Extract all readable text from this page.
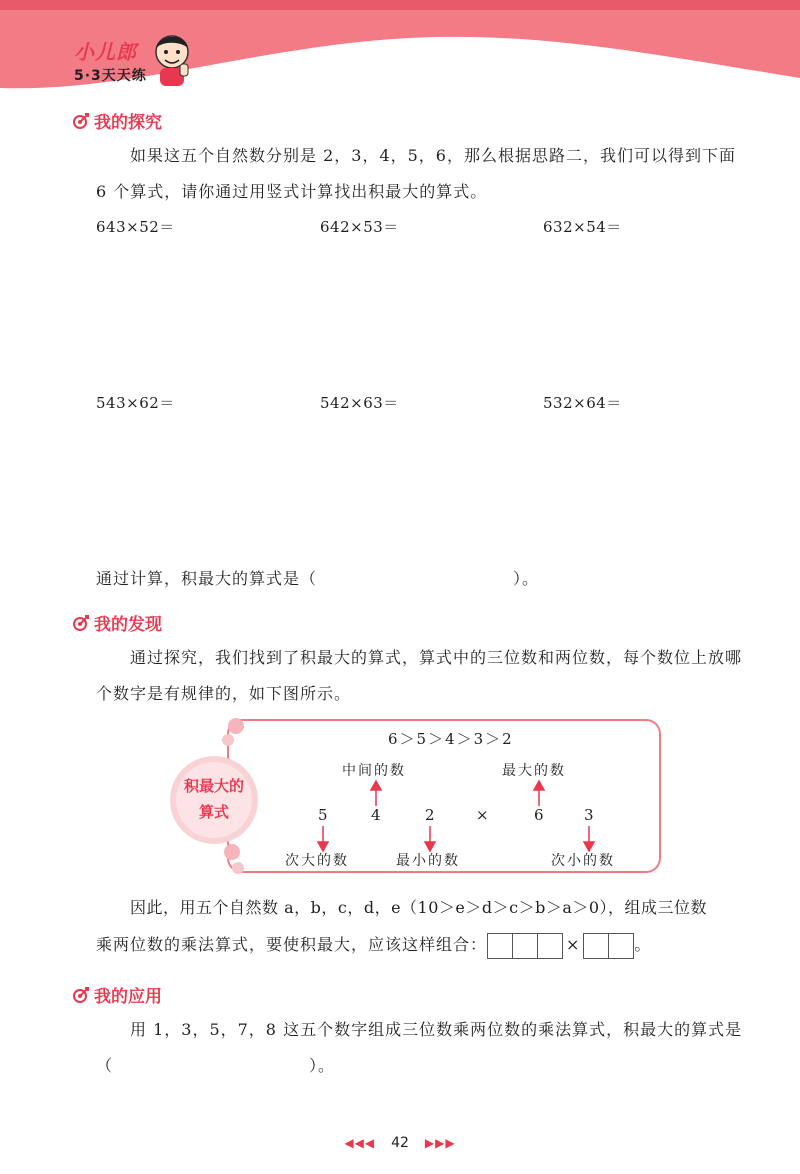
小儿郎
5·3天天练
我的探究
如果这五个自然数分别是 2，3，4，5，6，那么根据思路二，我们可以得到下面 6 个算式，请你通过用竖式计算找出积最大的算式。
643×52＝	642×53＝	632×54＝
543×62＝	542×63＝	532×64＝
通过计算，积最大的算式是（	）。
我的发现
通过探究，我们找到了积最大的算式，算式中的三位数和两位数，每个数位上放哪个数字是有规律的，如下图所示。
积最大的
算式
6＞5＞4＞3＞2
中间的数	最大的数
5	4	2	×	6	3
次大的数	最小的数	次小的数
因此，用五个自然数 a，b，c，d，e（10＞e＞d＞c＞b＞a＞0），组成三位数
乘两位数的乘法算式，要使积最大，应该这样组合：	×	。
我的应用
用 1，3，5，7，8 这五个数字组成三位数乘两位数的乘法算式，积最大的算式是（	）。
◀◀◀ 42 ▶▶▶
